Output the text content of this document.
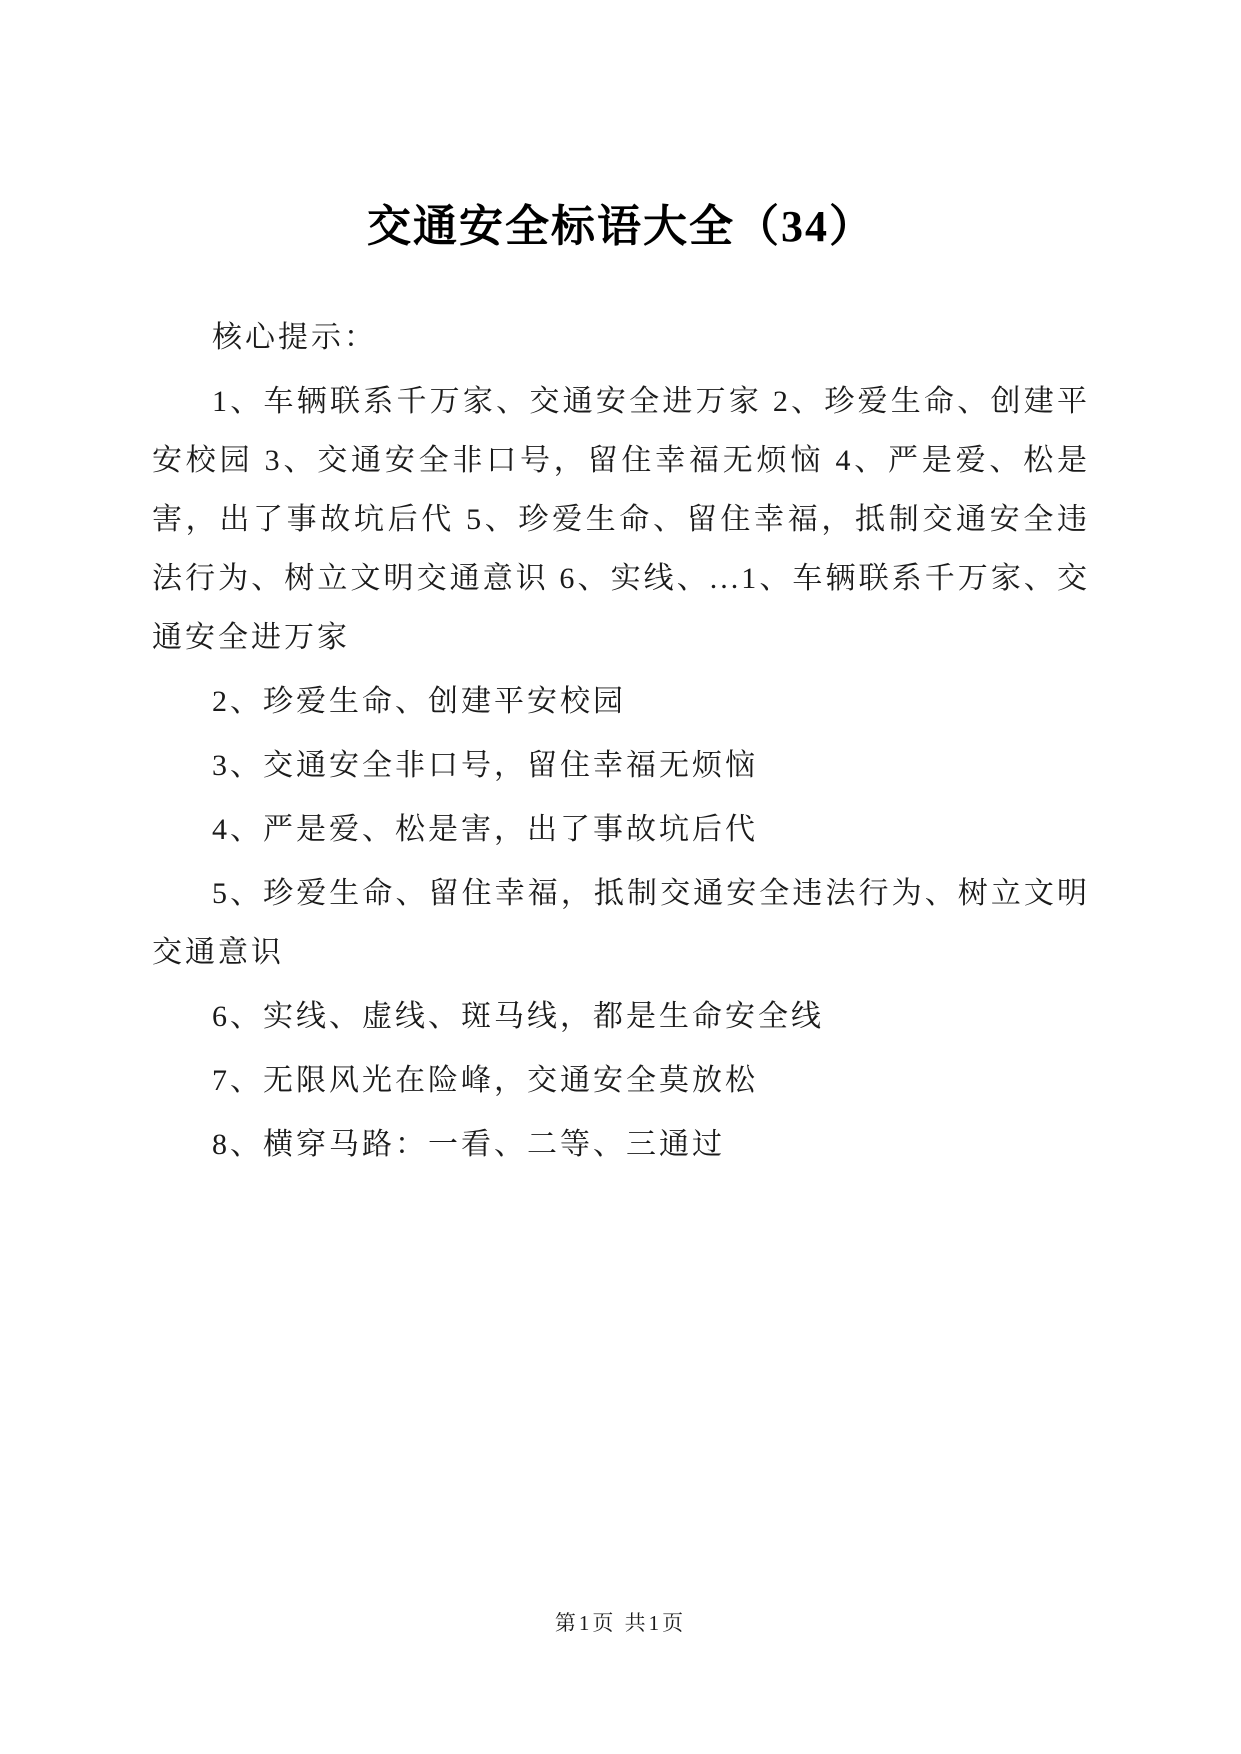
交通安全标语大全（34）

核心提示：

1、车辆联系千万家、交通安全进万家 2、珍爱生命、创建平安校园 3、交通安全非口号，留住幸福无烦恼 4、严是爱、松是害，出了事故坑后代 5、珍爱生命、留住幸福，抵制交通安全违法行为、树立文明交通意识 6、实线、...1、车辆联系千万家、交通安全进万家

2、珍爱生命、创建平安校园

3、交通安全非口号，留住幸福无烦恼

4、严是爱、松是害，出了事故坑后代

5、珍爱生命、留住幸福，抵制交通安全违法行为、树立文明交通意识

6、实线、虚线、斑马线，都是生命安全线

7、无限风光在险峰，交通安全莫放松

8、横穿马路：一看、二等、三通过

第1页 共1页
